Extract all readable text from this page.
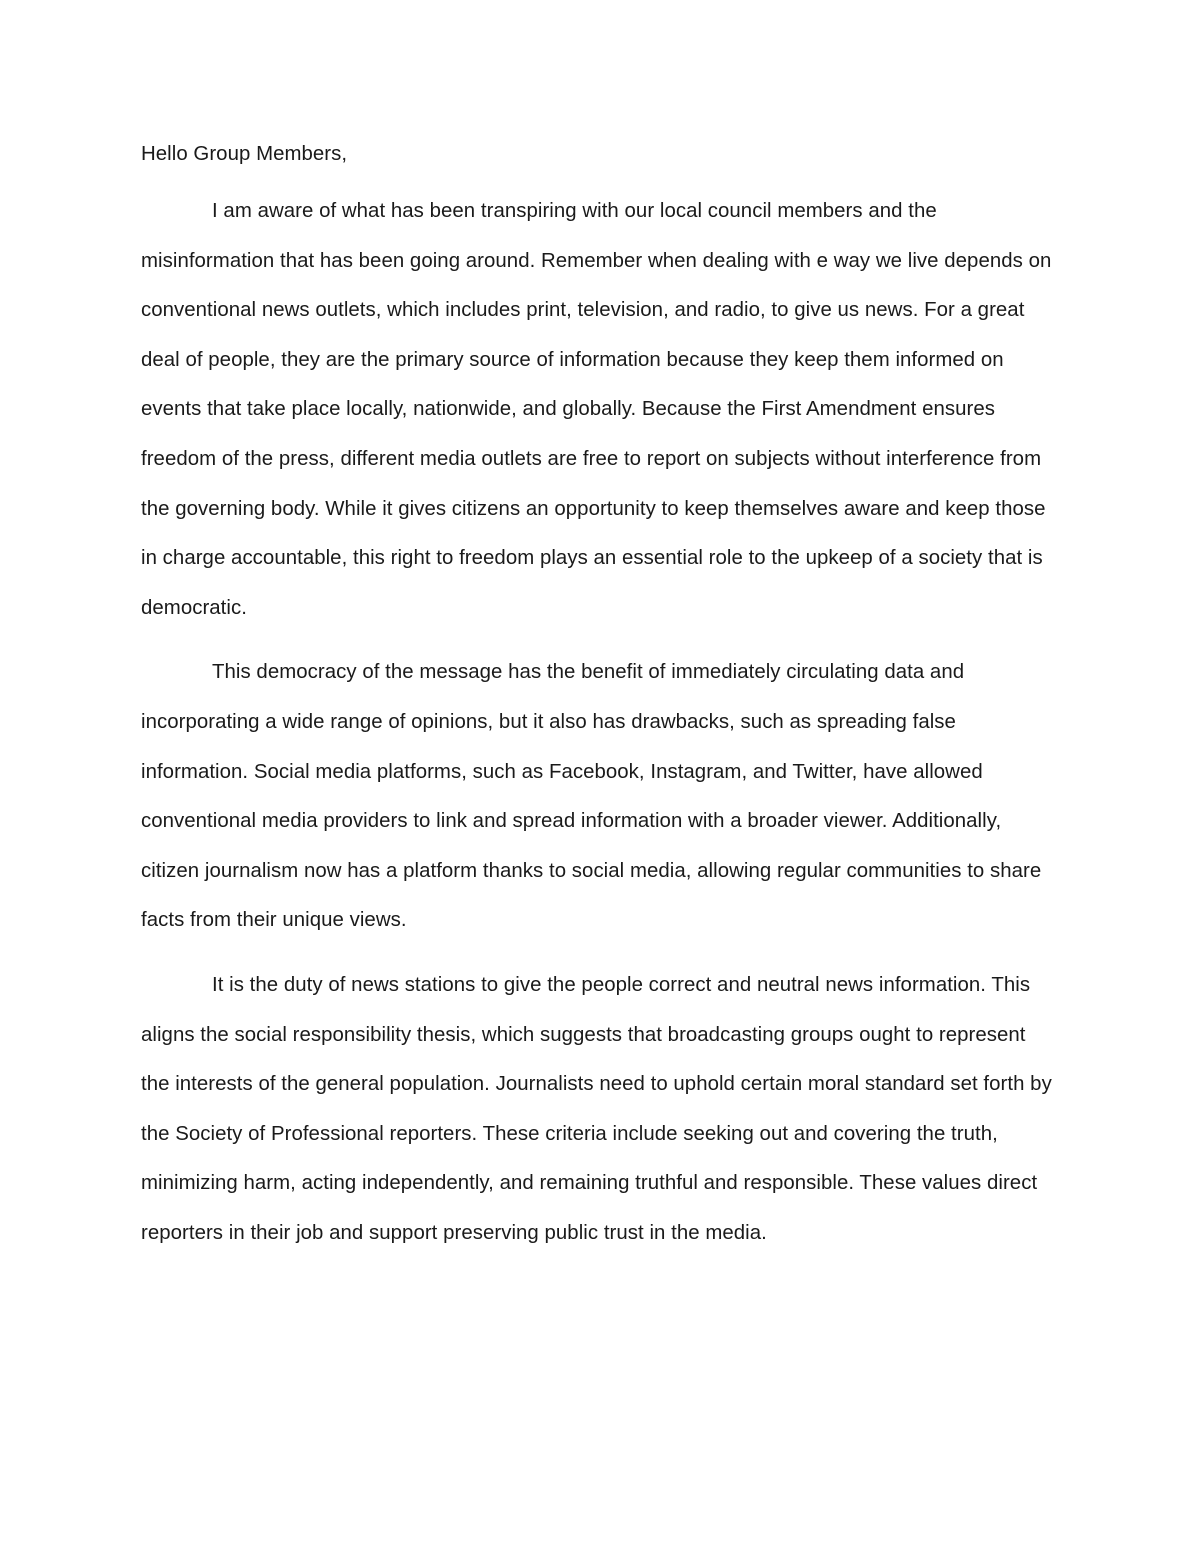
Hello Group Members,

I am aware of what has been transpiring with our local council members and the misinformation that has been going around. Remember when dealing with e way we live depends on conventional news outlets, which includes print, television, and radio, to give us news. For a great deal of people, they are the primary source of information because they keep them informed on events that take place locally, nationwide, and globally. Because the First Amendment ensures freedom of the press, different media outlets are free to report on subjects without interference from the governing body. While it gives citizens an opportunity to keep themselves aware and keep those in charge accountable, this right to freedom plays an essential role to the upkeep of a society that is democratic.

This democracy of the message has the benefit of immediately circulating data and incorporating a wide range of opinions, but it also has drawbacks, such as spreading false information. Social media platforms, such as Facebook, Instagram, and Twitter, have allowed conventional media providers to link and spread information with a broader viewer. Additionally, citizen journalism now has a platform thanks to social media, allowing regular communities to share facts from their unique views.

It is the duty of news stations to give the people correct and neutral news information. This aligns the social responsibility thesis, which suggests that broadcasting groups ought to represent the interests of the general population. Journalists need to uphold certain moral standard set forth by the Society of Professional reporters. These criteria include seeking out and covering the truth, minimizing harm, acting independently, and remaining truthful and responsible. These values direct reporters in their job and support preserving public trust in the media.
